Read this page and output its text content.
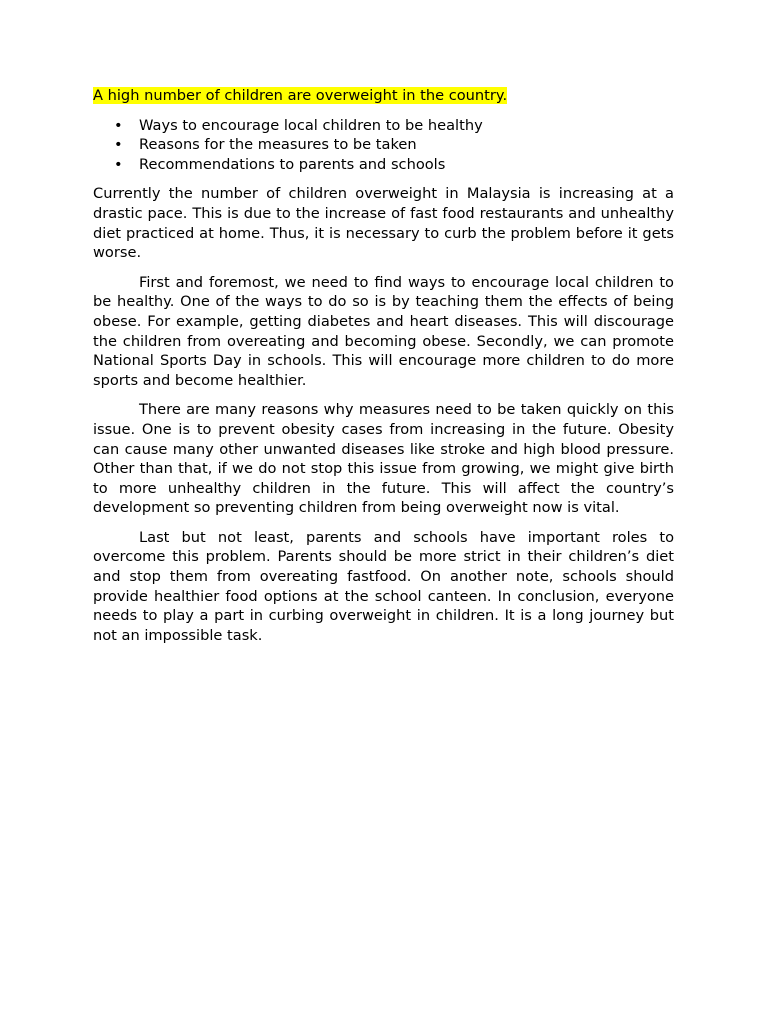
A high number of children are overweight in the country.

• Ways to encourage local children to be healthy
• Reasons for the measures to be taken
• Recommendations to parents and schools

Currently the number of children overweight in Malaysia is increasing at a drastic pace. This is due to the increase of fast food restaurants and unhealthy diet practiced at home. Thus, it is necessary to curb the problem before it gets worse.

First and foremost, we need to find ways to encourage local children to be healthy. One of the ways to do so is by teaching them the effects of being obese. For example, getting diabetes and heart diseases. This will discourage the children from overeating and becoming obese. Secondly, we can promote National Sports Day in schools. This will encourage more children to do more sports and become healthier.

There are many reasons why measures need to be taken quickly on this issue. One is to prevent obesity cases from increasing in the future. Obesity can cause many other unwanted diseases like stroke and high blood pressure. Other than that, if we do not stop this issue from growing, we might give birth to more unhealthy children in the future. This will affect the country’s development so preventing children from being overweight now is vital.

Last but not least, parents and schools have important roles to overcome this problem. Parents should be more strict in their children’s diet and stop them from overeating fastfood. On another note, schools should provide healthier food options at the school canteen. In conclusion, everyone needs to play a part in curbing overweight in children. It is a long journey but not an impossible task.
